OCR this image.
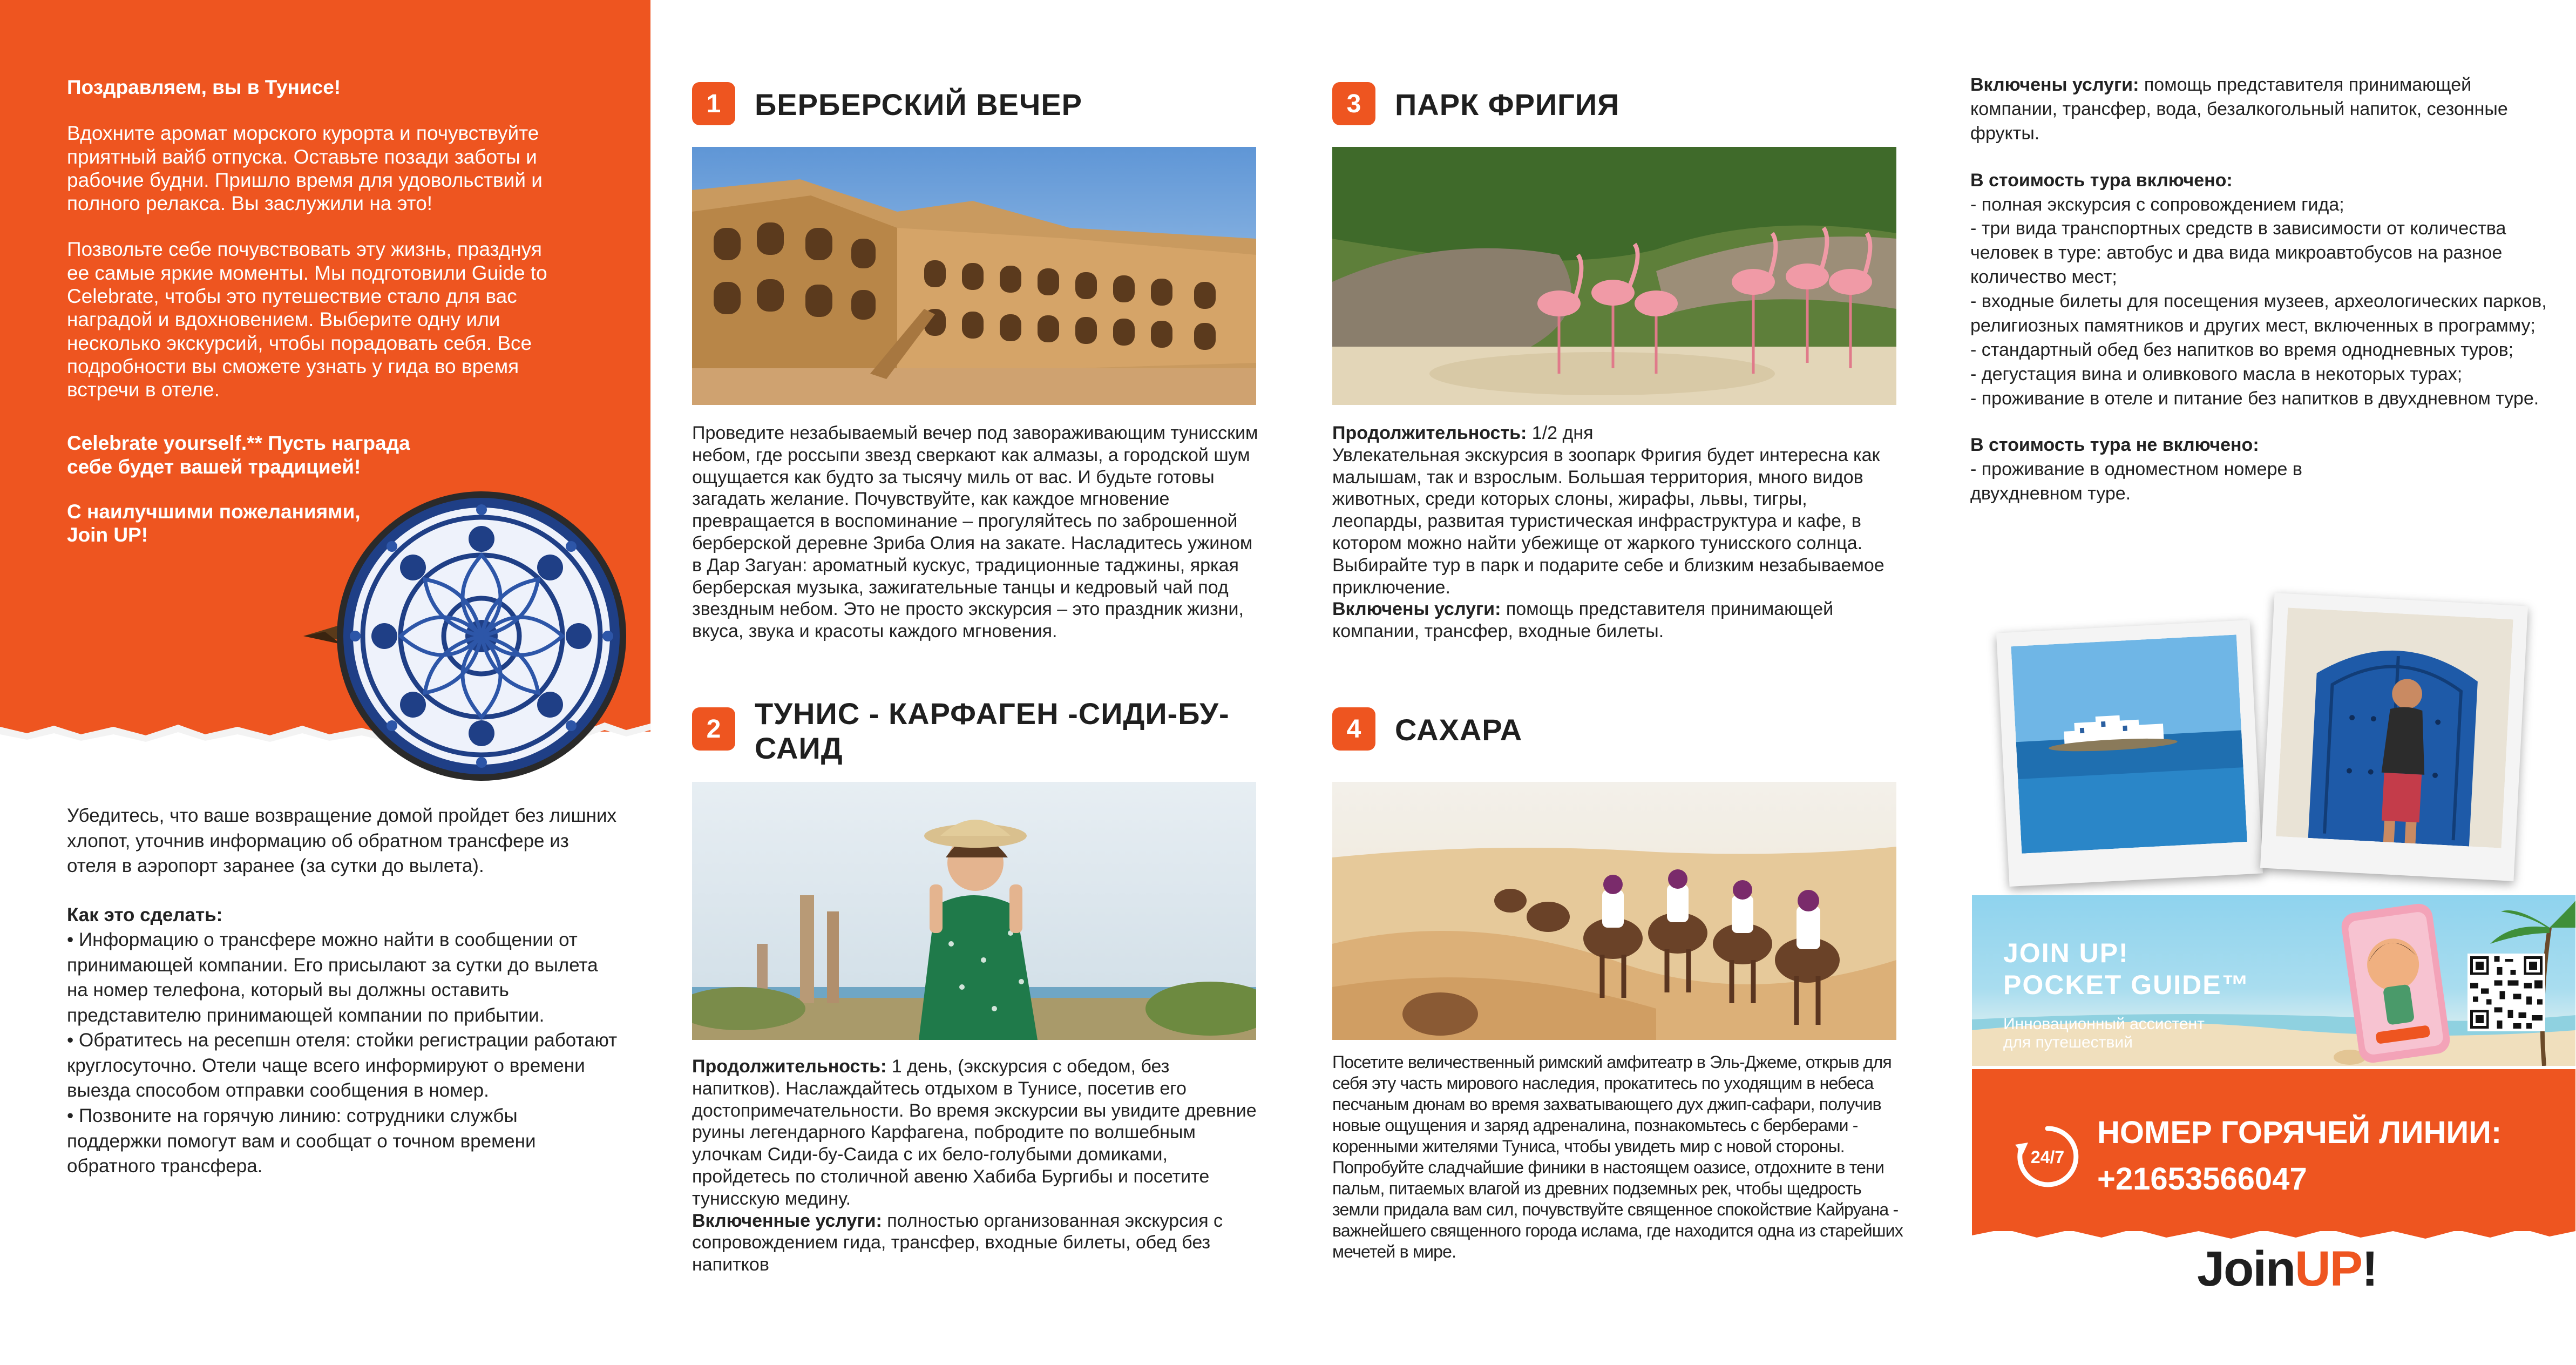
Поздравляем, вы в Тунисе!

Вдохните аромат морского курорта и почувствуйте приятный вайб отпуска. Оставьте позади заботы и рабочие будни. Пришло время для удовольствий и полного релакса. Вы заслужили на это!

Позвольте себе почувствовать эту жизнь, празднуя ее самые яркие моменты. Мы подготовили Guide to Celebrate, чтобы это путешествие стало для вас наградой и вдохновением. Выберите одну или несколько экскурсий, чтобы порадовать себя. Все подробности вы сможете узнать у гида во время встречи в отеле.

Celebrate yourself.** Пусть награда себе будет вашей традицией!

С наилучшими пожеланиями,
Join UP!

Убедитесь, что ваше возвращение домой пройдет без лишних хлопот, уточнив информацию об обратном трансфере из отеля в аэропорт заранее (за сутки до вылета).

Как это сделать:
• Информацию о трансфере можно найти в сообщении от принимающей компании. Его присылают за сутки до вылета на номер телефона, который вы должны оставить представителю принимающей компании по прибытии.
• Обратитесь на ресепшн отеля: стойки регистрации работают круглосуточно. Отели чаще всего информируют о времени выезда способом отправки сообщения в номер.
• Позвоните на горячую линию: сотрудники службы поддержки помогут вам и сообщат о точном времени обратного трансфера.
1	БЕРБЕРСКИЙ ВЕЧЕР
Проведите незабываемый вечер под завораживающим тунисским небом, где россыпи звезд сверкают как алмазы, а городской шум ощущается как будто за тысячу миль от вас. И будьте готовы загадать желание. Почувствуйте, как каждое мгновение превращается в воспоминание – прогуляйтесь по заброшенной берберской деревне Зриба Олия на закате. Насладитесь ужином в Дар Загуан: ароматный кускус, традиционные таджины, яркая берберская музыка, зажигательные танцы и кедровый чай под звездным небом. Это не просто экскурсия – это праздник жизни, вкуса, звука и красоты каждого мгновения.
2	ТУНИС - КАРФАГЕН -СИДИ-БУ-САИД
Продолжительность: 1 день, (экскурсия с обедом, без напитков). Наслаждайтесь отдыхом в Тунисе, посетив его достопримечательности. Во время экскурсии вы увидите древние руины легендарного Карфагена, побродите по волшебным улочкам Сиди-бу-Саида с их бело-голубыми домиками, пройдетесь по столичной авеню Хабиба Бургибы и посетите тунисскую медину.
Включенные услуги: полностью организованная экскурсия с сопровождением гида, трансфер, входные билеты, обед без напитков
3	ПАРК ФРИГИЯ
Продолжительность: 1/2 дня
Увлекательная экскурсия в зоопарк Фригия будет интересна как малышам, так и взрослым. Большая территория, много видов животных, среди которых слоны, жирафы, львы, тигры, леопарды, развитая туристическая инфраструктура и кафе, в котором можно найти убежище от жаркого тунисского солнца. Выбирайте тур в парк и подарите себе и близким незабываемое приключение.
Включены услуги: помощь представителя принимающей компании, трансфер, входные билеты.
4	САХАРА
Посетите величественный римский амфитеатр в Эль-Джеме, открыв для себя эту часть мирового наследия, прокатитесь по уходящим в небеса песчаным дюнам во время захватывающего дух джип-сафари, получив новые ощущения и заряд адреналина, познакомьтесь с берберами - коренными жителями Туниса, чтобы увидеть мир с новой стороны. Попробуйте сладчайшие финики в настоящем оазисе, отдохните в тени пальм, питаемых влагой из древних подземных рек, чтобы щедрость земли придала вам сил, почувствуйте священное спокойствие Кайруана - важнейшего священного города ислама, где находится одна из старейших мечетей в мире.

Включены услуги: помощь представителя принимающей компании, трансфер, вода, безалкогольный напиток, сезонные фрукты.

В стоимость тура включено:
- полная экскурсия с сопровождением гида;
- три вида транспортных средств в зависимости от количества человек в туре: автобус и два вида микроавтобусов на разное количество мест;
- входные билеты для посещения музеев, археологических парков, религиозных памятников и других мест, включенных в программу;
- стандартный обед без напитков во время однодневных туров;
- дегустация вина и оливкового масла в некоторых турах;
- проживание в отеле и питание без напитков в двухдневном туре.

В стоимость тура не включено:
- проживание в одноместном номере в двухдневном туре.

JOIN UP!
POCKET GUIDE™
Инновационный ассистент
для путешествий
24/7
НОМЕР ГОРЯЧЕЙ ЛИНИИ:
+21653566047
JoinUP!
